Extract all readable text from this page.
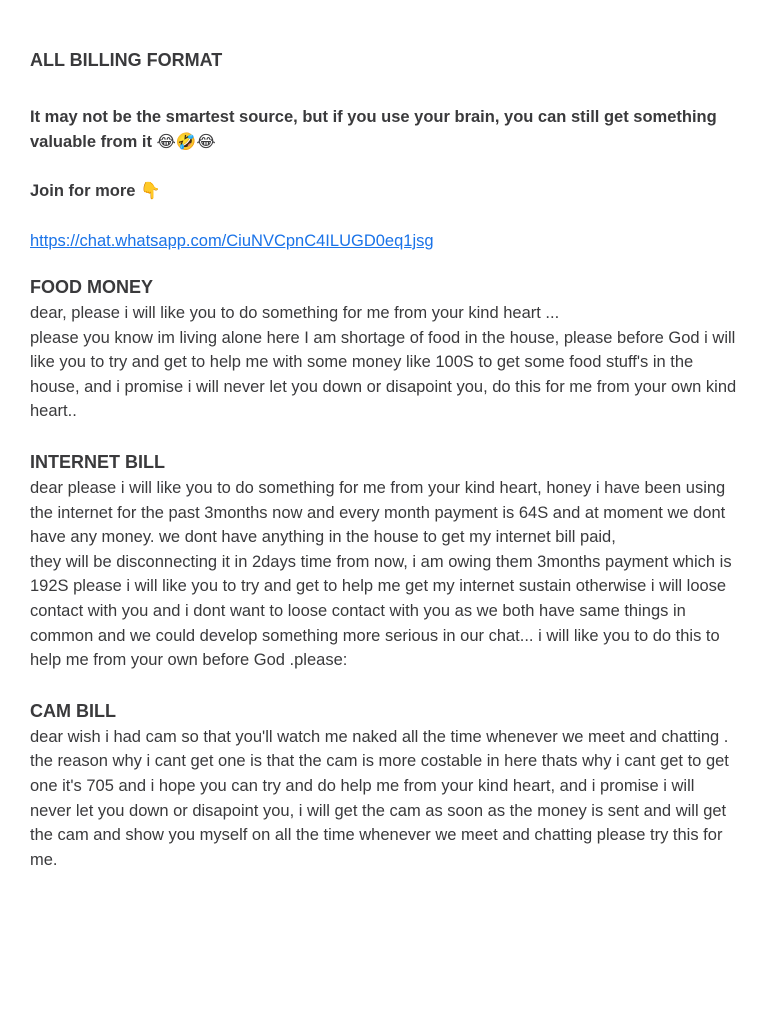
ALL BILLING FORMAT

It may not be the smartest source, but if you use your brain, you can still get something valuable from it 😂🤣😂

Join for more 👇

https://chat.whatsapp.com/CiuNVCpnC4ILUGD0eq1jsg
FOOD MONEY

dear, please i will like you to do something for me from your kind heart ...
please you know im living alone here I am shortage of food in the house, please before God i will like you to try and get to help me with some money like 100S to get some food stuff's in the house, and i promise i will never let you down or disapoint you, do this for me from your own kind heart..

INTERNET BILL

dear please i will like you to do something for me from your kind heart, honey i have been using the internet for the past 3months now and every month payment is 64S and at moment we dont have any money. we dont have anything in the house to get my internet bill paid,
they will be disconnecting it in 2days time from now, i am owing them 3months payment which is 192S please i will like you to try and get to help me get my internet sustain otherwise i will loose contact with you and i dont want to loose contact with you as we both have same things in common and we could develop something more serious in our chat... i will like you to do this to help me from your own before God .please:

CAM BILL

dear wish i had cam so that you'll watch me naked all the time whenever we meet and chatting . the reason why i cant get one is that the cam is more costable in here thats why i cant get to get one it's 705 and i hope you can try and do help me from your kind heart, and i promise i will never let you down or disapoint you, i will get the cam as soon as the money is sent and will get the cam and show you myself on all the time whenever we meet and chatting please try this for me.
